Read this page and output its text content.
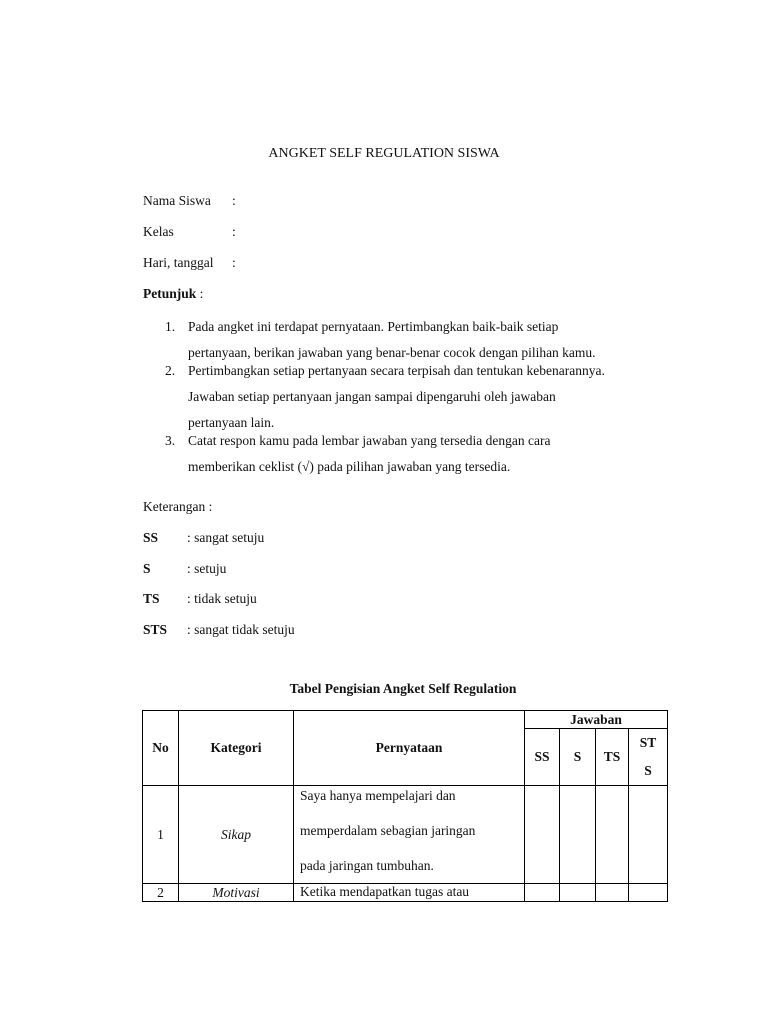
ANGKET SELF REGULATION SISWA
Nama Siswa :
Kelas	:
Hari, tanggal :
Petunjuk :
1. Pada angket ini terdapat pernyataan. Pertimbangkan baik-baik setiap
pertanyaan, berikan jawaban yang benar-benar cocok dengan pilihan kamu.
2. Pertimbangkan setiap pertanyaan secara terpisah dan tentukan kebenarannya.
Jawaban setiap pertanyaan jangan sampai dipengaruhi oleh jawaban
pertanyaan lain.
3. Catat respon kamu pada lembar jawaban yang tersedia dengan cara
memberikan ceklist (√) pada pilihan jawaban yang tersedia.
Keterangan :
SS : sangat setuju
S	: setuju
TS : tidak setuju
STS : sangat tidak setuju
Tabel Pengisian Angket Self Regulation
No	Kategori	Pernyataan	Jawaban			
			SS	S	TS	ST
S
1	Sikap	Saya hanya mempelajari dan
memperdalam sebagian jaringan
pada jaringan tumbuhan.				

2	Motivasi	Ketika mendapatkan tugas atau				
